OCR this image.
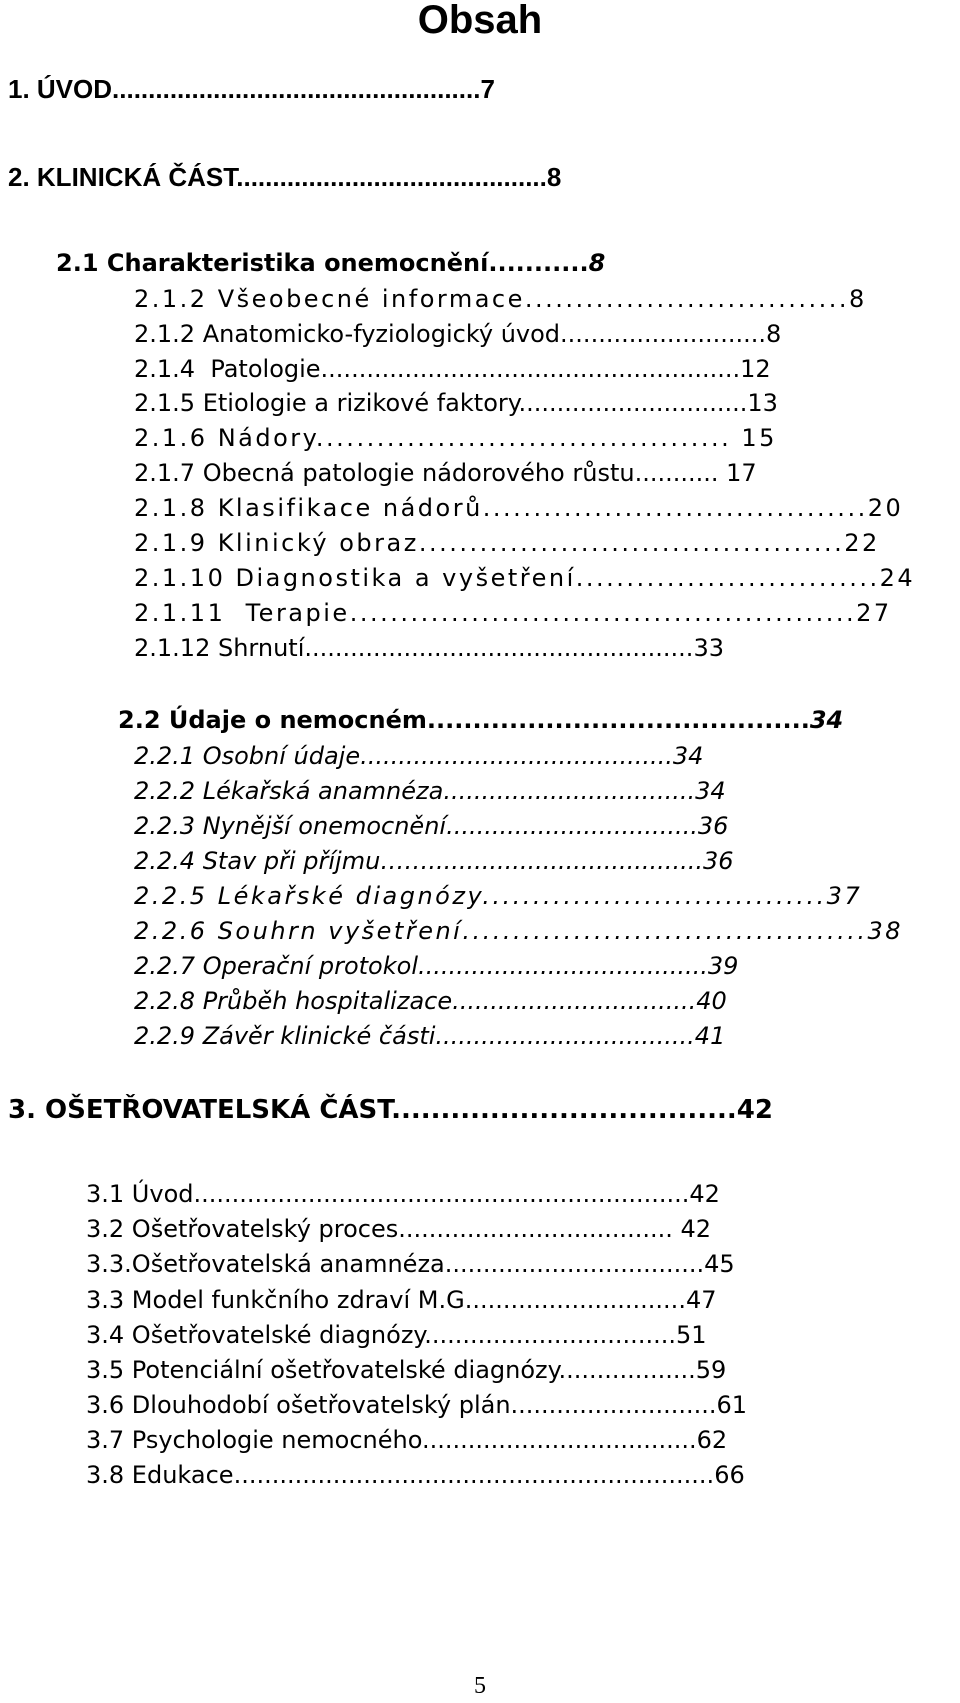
Obsah
1. ÚVOD...................................................7
2. KLINICKÁ ČÁST...........................................8
2.1 Charakteristika onemocnění...........8
2.1.2 Všeobecné informace................................8
2.1.2 Anatomicko-fyziologický úvod...........................8
2.1.4  Patologie.......................................................12
2.1.5 Etiologie a rizikové faktory..............................13
2.1.6 Nádory......................................... 15
2.1.7 Obecná patologie nádorového růstu........... 17
2.1.8 Klasifikace nádorů......................................20
2.1.9 Klinický obraz..........................................22
2.1.10 Diagnostika a vyšetření..............................24
2.1.11  Terapie..................................................27
2.1.12 Shrnutí...................................................33
2.2 Údaje o nemocném..........................................34
2.2.1 Osobní údaje.........................................34
2.2.2 Lékařská anamnéza.................................34
2.2.3 Nynější onemocnění.................................36
2.2.4 Stav při příjmu……....................................36
2.2.5 Lékařské diagnózy..................................37
2.2.6 Souhrn vyšetření........................................38
2.2.7 Operační protokol......................................39
2.2.8 Průběh hospitalizace................................40
2.2.9 Závěr klinické části..................................41
3. OŠETŘOVATELSKÁ ČÁST...................................42
3.1 Úvod.................................................................42
3.2 Ošetřovatelský proces.................................... 42
3.3.Ošetřovatelská anamnéza..................................45
3.3 Model funkčního zdraví M.G.............................47
3.4 Ošetřovatelské diagnózy.................................51
3.5 Potenciální ošetřovatelské diagnózy..................59
3.6 Dlouhodobí ošetřovatelský plán...........................61
3.7 Psychologie nemocného....................................62
3.8 Edukace...............................................................66
5
